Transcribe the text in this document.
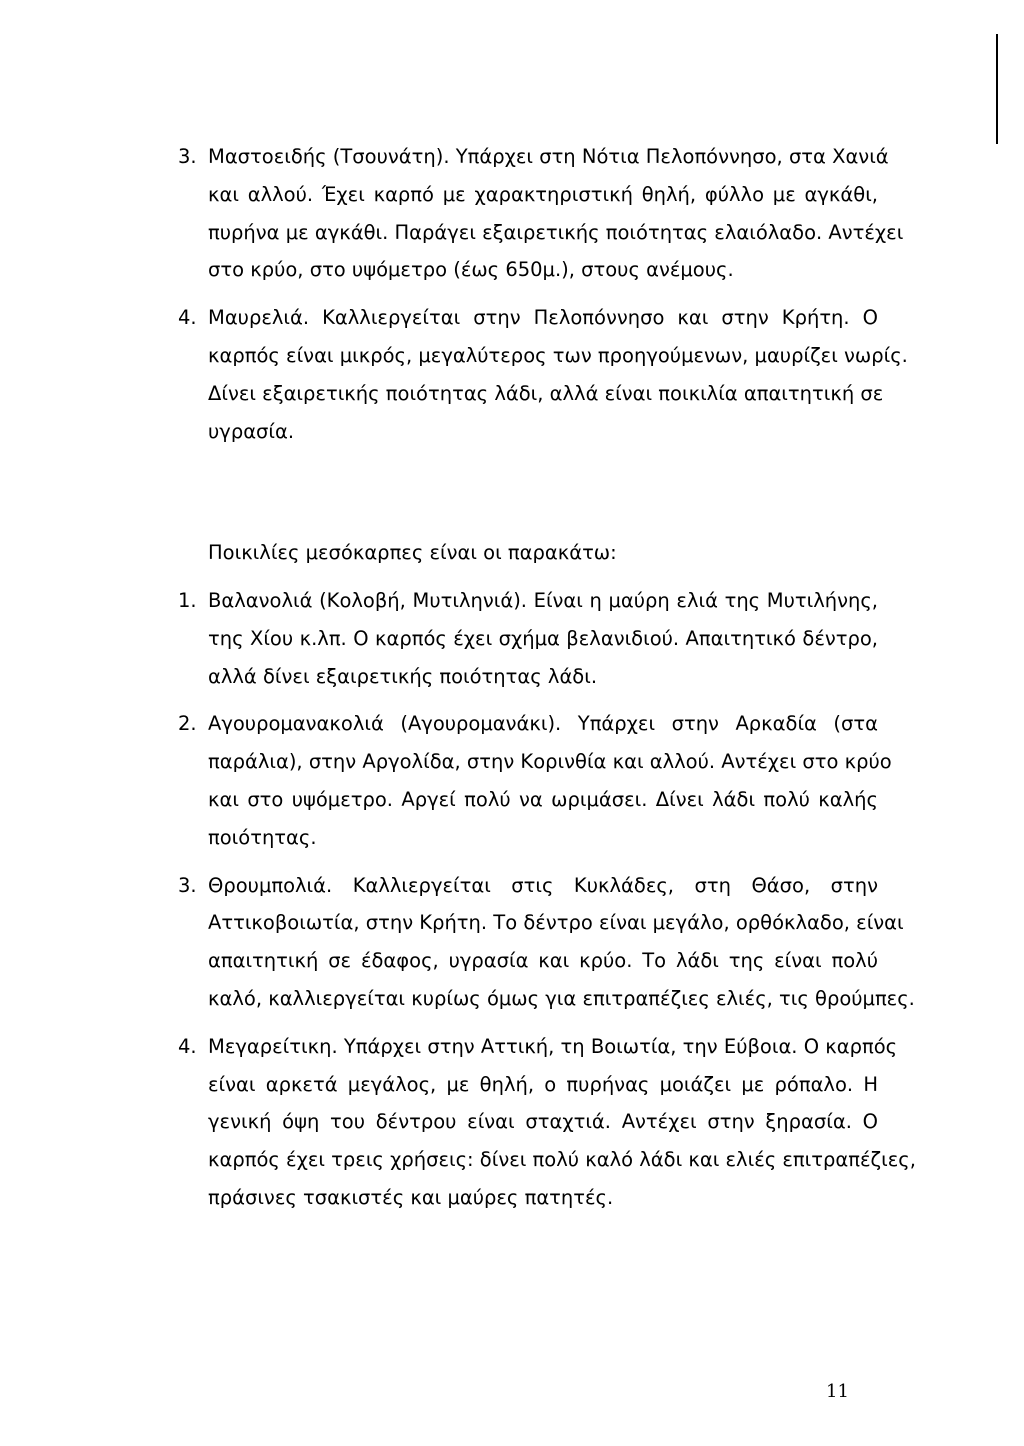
3. Μαστοειδής (Τσουνάτη). Υπάρχει στη Νότια Πελοπόννησο, στα Χανιά
και αλλού. Έχει καρπό με χαρακτηριστική θηλή, φύλλο με αγκάθι,
πυρήνα με αγκάθι. Παράγει εξαιρετικής ποιότητας ελαιόλαδο. Αντέχει
στο κρύο, στο υψόμετρο (έως 650μ.), στους ανέμους.
4. Μαυρελιά. Καλλιεργείται στην Πελοπόννησο και στην Κρήτη. Ο
καρπός είναι μικρός, μεγαλύτερος των προηγούμενων, μαυρίζει νωρίς.
Δίνει εξαιρετικής ποιότητας λάδι, αλλά είναι ποικιλία απαιτητική σε
υγρασία.
Ποικιλίες μεσόκαρπες είναι οι παρακάτω:
1. Βαλανολιά (Κολοβή, Μυτιληνιά). Είναι η μαύρη ελιά της Μυτιλήνης,
της Χίου κ.λπ. Ο καρπός έχει σχήμα βελανιδιού. Απαιτητικό δέντρο,
αλλά δίνει εξαιρετικής ποιότητας λάδι.
2. Αγουρομανακολιά (Αγουρομανάκι). Υπάρχει στην Αρκαδία (στα
παράλια), στην Αργολίδα, στην Κορινθία και αλλού. Αντέχει στο κρύο
και στο υψόμετρο. Αργεί πολύ να ωριμάσει. Δίνει λάδι πολύ καλής
ποιότητας.
3. Θρουμπολιά. Καλλιεργείται στις Κυκλάδες, στη Θάσο, στην
Αττικοβοιωτία, στην Κρήτη. Το δέντρο είναι μεγάλο, ορθόκλαδο, είναι
απαιτητική σε έδαφος, υγρασία και κρύο. Το λάδι της είναι πολύ
καλό, καλλιεργείται κυρίως όμως για επιτραπέζιες ελιές, τις θρούμπες.
4. Μεγαρείτικη. Υπάρχει στην Αττική, τη Βοιωτία, την Εύβοια. Ο καρπός
είναι αρκετά μεγάλος, με θηλή, ο πυρήνας μοιάζει με ρόπαλο. Η
γενική όψη του δέντρου είναι σταχτιά. Αντέχει στην ξηρασία. Ο
καρπός έχει τρεις χρήσεις: δίνει πολύ καλό λάδι και ελιές επιτραπέζιες,
πράσινες τσακιστές και μαύρες πατητές.
11
